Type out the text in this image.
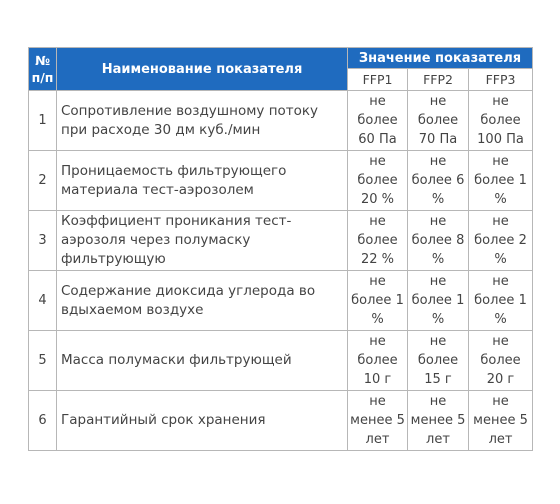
№ п/п	Наименование показателя	Значение показателя		
		FFP1	FFP2	FFP3
1	Сопротивление воздушному потоку при расходе 30 дм куб./мин	не более 60 Па	не более 70 Па	не более 100 Па
2	Проницаемость фильтрующего материала тест-аэрозолем	не более 20 %	не более 6 %	не более 1 %
3	Коэффициент проникания тест-аэрозоля через полумаску фильтрующую	не более 22 %	не более 8 %	не более 2 %
4	Содержание диоксида углерода во вдыхаемом воздухе	не более 1 %	не более 1 %	не более 1 %
5	Масса полумаски фильтрующей	не более 10 г	не более 15 г	не более 20 г
6	Гарантийный срок хранения	не менее 5 лет	не менее 5 лет	не менее 5 лет
